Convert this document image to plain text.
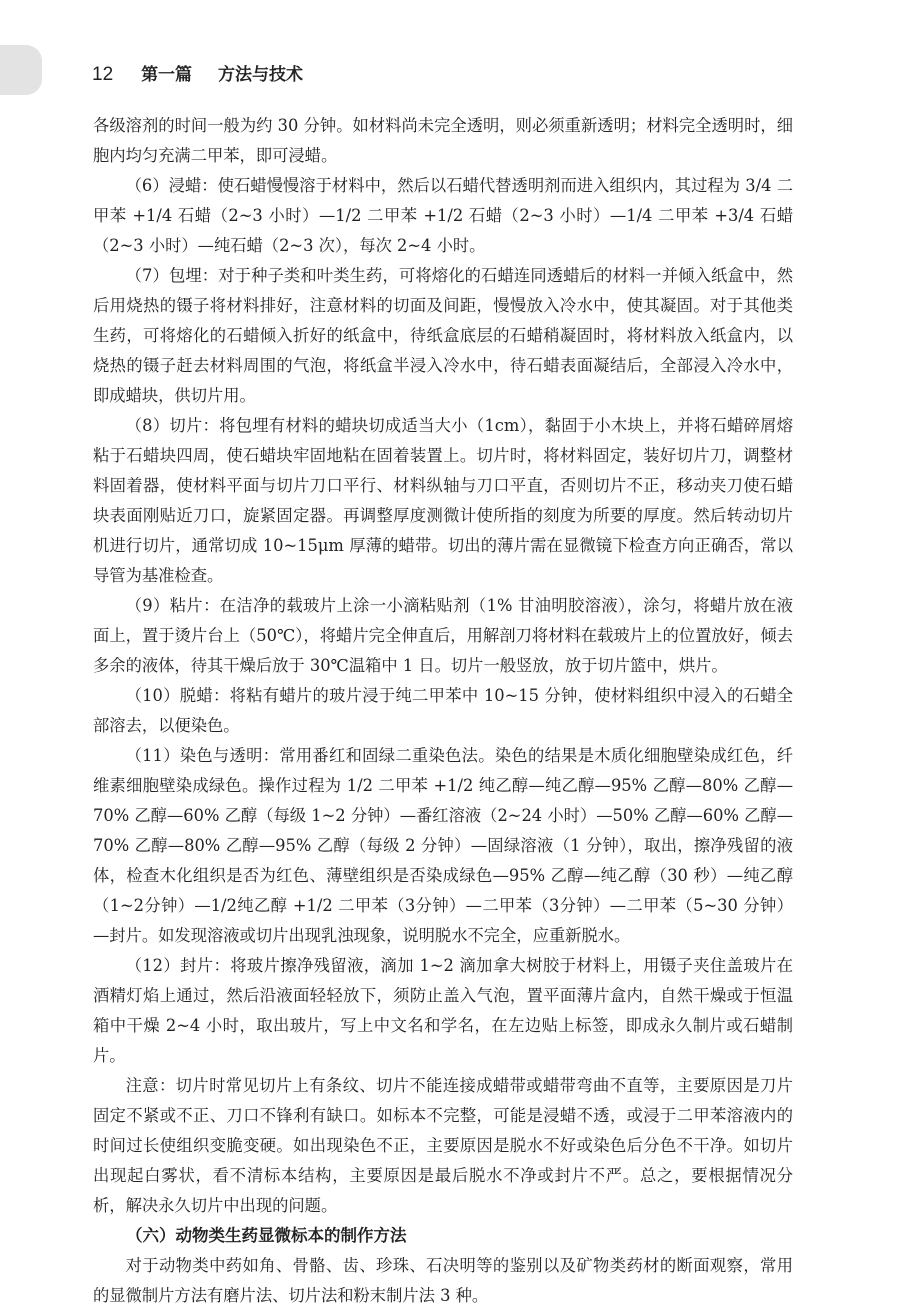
12 第一篇 方法与技术

各级溶剂的时间一般为约 30 分钟。如材料尚未完全透明，则必须重新透明；材料完全透明时，细胞内均匀充满二甲苯，即可浸蜡。

（6）浸蜡：使石蜡慢慢溶于材料中，然后以石蜡代替透明剂而进入组织内，其过程为 3/4 二甲苯 +1/4 石蜡（2~3 小时）—1/2 二甲苯 +1/2 石蜡（2~3 小时）—1/4 二甲苯 +3/4 石蜡（2~3 小时）—纯石蜡（2~3 次），每次 2~4 小时。

（7）包埋：对于种子类和叶类生药，可将熔化的石蜡连同透蜡后的材料一并倾入纸盒中，然后用烧热的镊子将材料排好，注意材料的切面及间距，慢慢放入冷水中，使其凝固。对于其他类生药，可将熔化的石蜡倾入折好的纸盒中，待纸盒底层的石蜡稍凝固时，将材料放入纸盒内，以烧热的镊子赶去材料周围的气泡，将纸盒半浸入冷水中，待石蜡表面凝结后，全部浸入冷水中，即成蜡块，供切片用。

（8）切片：将包埋有材料的蜡块切成适当大小（1cm），黏固于小木块上，并将石蜡碎屑熔粘于石蜡块四周，使石蜡块牢固地粘在固着装置上。切片时，将材料固定，装好切片刀，调整材料固着器，使材料平面与切片刀口平行、材料纵轴与刀口平直，否则切片不正，移动夹刀使石蜡块表面刚贴近刀口，旋紧固定器。再调整厚度测微计使所指的刻度为所要的厚度。然后转动切片机进行切片，通常切成 10~15μm 厚薄的蜡带。切出的薄片需在显微镜下检查方向正确否，常以导管为基准检查。

（9）粘片：在洁净的载玻片上涂一小滴粘贴剂（1% 甘油明胶溶液），涂匀，将蜡片放在液面上，置于烫片台上（50℃），将蜡片完全伸直后，用解剖刀将材料在载玻片上的位置放好，倾去多余的液体，待其干燥后放于 30℃温箱中 1 日。切片一般竖放，放于切片篮中，烘片。

（10）脱蜡：将粘有蜡片的玻片浸于纯二甲苯中 10~15 分钟，使材料组织中浸入的石蜡全部溶去，以便染色。

（11）染色与透明：常用番红和固绿二重染色法。染色的结果是木质化细胞壁染成红色，纤维素细胞壁染成绿色。操作过程为 1/2 二甲苯 +1/2 纯乙醇—纯乙醇—95% 乙醇—80% 乙醇—70% 乙醇—60% 乙醇（每级 1~2 分钟）—番红溶液（2~24 小时）—50% 乙醇—60% 乙醇—70% 乙醇—80% 乙醇—95% 乙醇（每级 2 分钟）—固绿溶液（1 分钟），取出，擦净残留的液体，检查木化组织是否为红色、薄壁组织是否染成绿色—95% 乙醇—纯乙醇（30 秒）—纯乙醇（1~2分钟）—1/2纯乙醇 +1/2 二甲苯（3分钟）—二甲苯（3分钟）—二甲苯（5~30 分钟）—封片。如发现溶液或切片出现乳浊现象，说明脱水不完全，应重新脱水。

（12）封片：将玻片擦净残留液，滴加 1~2 滴加拿大树胶于材料上，用镊子夹住盖玻片在酒精灯焰上通过，然后沿液面轻轻放下，须防止盖入气泡，置平面薄片盒内，自然干燥或于恒温箱中干燥 2~4 小时，取出玻片，写上中文名和学名，在左边贴上标签，即成永久制片或石蜡制片。

注意：切片时常见切片上有条纹、切片不能连接成蜡带或蜡带弯曲不直等，主要原因是刀片固定不紧或不正、刀口不锋利有缺口。如标本不完整，可能是浸蜡不透，或浸于二甲苯溶液内的时间过长使组织变脆变硬。如出现染色不正，主要原因是脱水不好或染色后分色不干净。如切片出现起白雾状，看不清标本结构，主要原因是最后脱水不净或封片不严。总之，要根据情况分析，解决永久切片中出现的问题。

（六）动物类生药显微标本的制作方法

对于动物类中药如角、骨骼、齿、珍珠、石决明等的鉴别以及矿物类药材的断面观察，常用的显微制片方法有磨片法、切片法和粉末制片法 3 种。
